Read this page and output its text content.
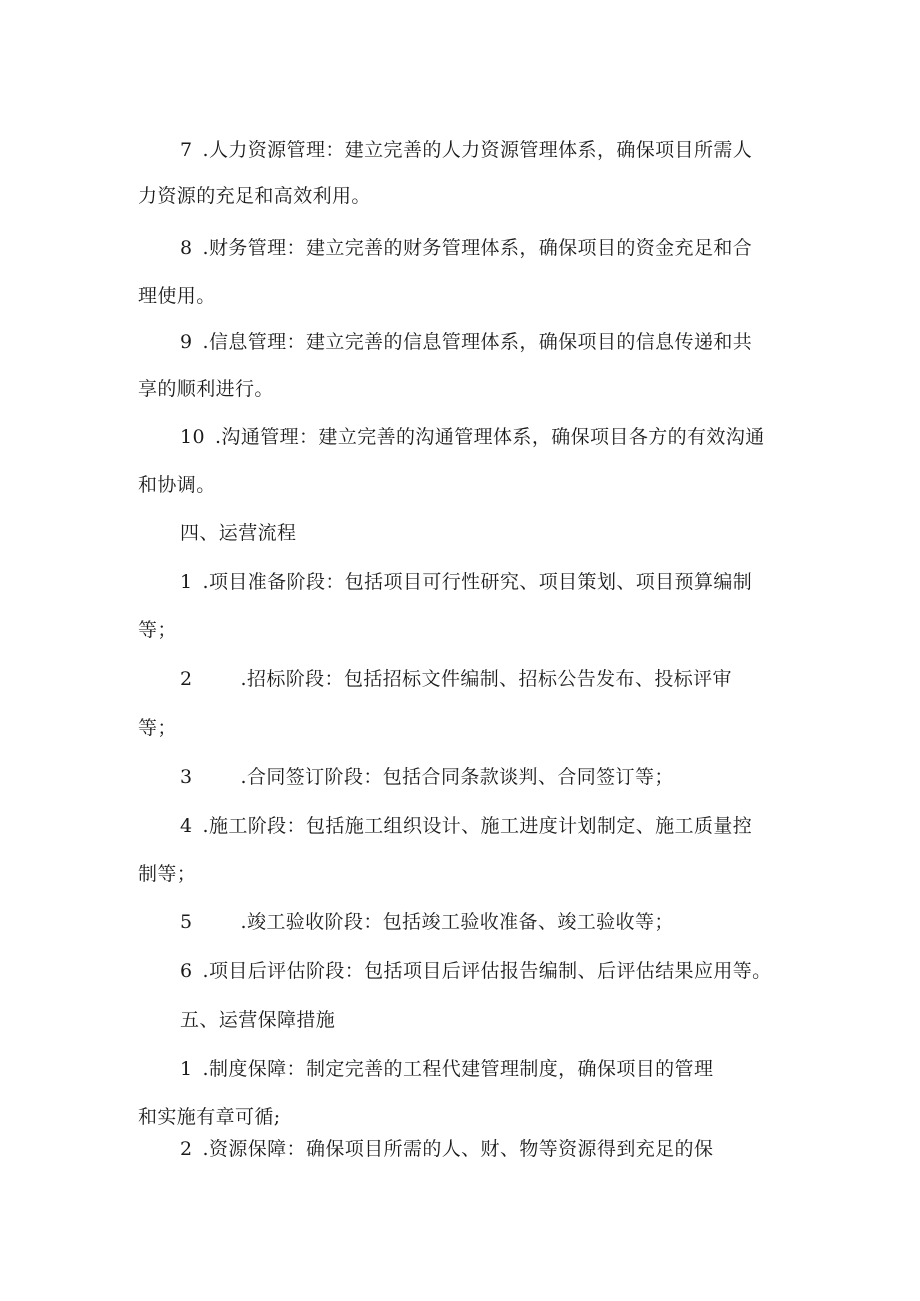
7 .人力资源管理：建立完善的人力资源管理体系，确保项目所需人
力资源的充足和高效利用。
8 .财务管理：建立完善的财务管理体系，确保项目的资金充足和合
理使用。
9 .信息管理：建立完善的信息管理体系，确保项目的信息传递和共
享的顺利进行。
10 .沟通管理：建立完善的沟通管理体系，确保项目各方的有效沟通
和协调。
四、运营流程
1 .项目准备阶段：包括项目可行性研究、项目策划、项目预算编制
等；
2	.招标阶段：包括招标文件编制、招标公告发布、投标评审
等；
3	.合同签订阶段：包括合同条款谈判、合同签订等；
4 .施工阶段：包括施工组织设计、施工进度计划制定、施工质量控
制等；
5	.竣工验收阶段：包括竣工验收准备、竣工验收等；
6 .项目后评估阶段：包括项目后评估报告编制、后评估结果应用等。
五、运营保障措施
1 .制度保障：制定完善的工程代建管理制度，确保项目的管理
和实施有章可循;
2 .资源保障：确保项目所需的人、财、物等资源得到充足的保
